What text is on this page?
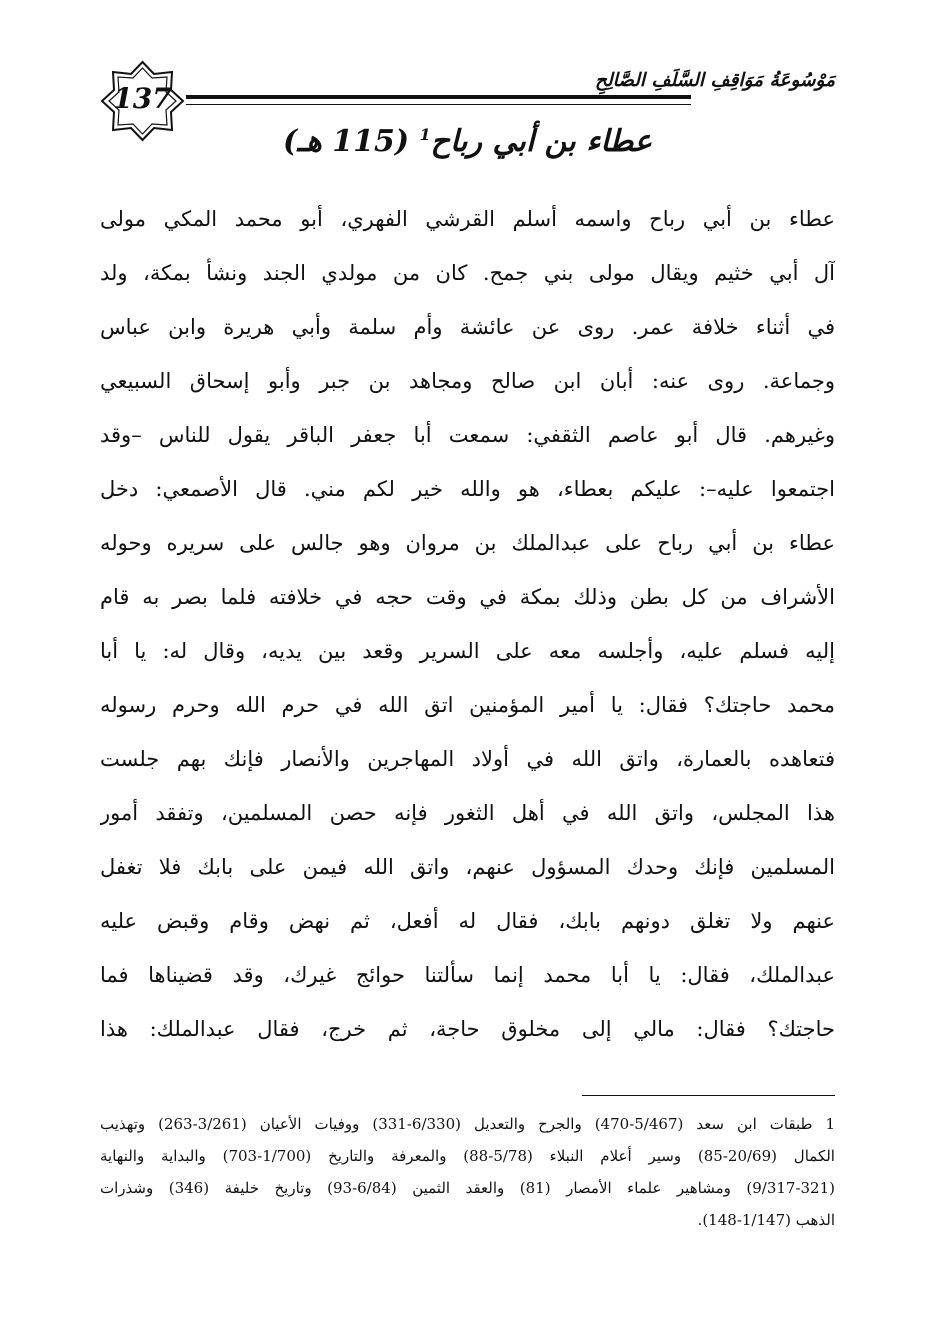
137
مَوْسُوعَةُ مَوَاقِفِ السَّلَفِ الصَّالِحِ
عطاء بن أبي رباح$^1$ (115 هـ)
عطاء بن أبي رباح واسمه أسلم القرشي الفهري، أبو محمد المكي مولى
آل أبي خثيم ويقال مولى بني جمح. كان من مولدي الجند ونشأ بمكة، ولد
في أثناء خلافة عمر. روى عن عائشة وأم سلمة وأبي هريرة وابن عباس
وجماعة. روى عنه: أبان ابن صالح ومجاهد بن جبر وأبو إسحاق السبيعي
وغيرهم. قال أبو عاصم الثقفي: سمعت أبا جعفر الباقر يقول للناس –وقد
اجتمعوا عليه–: عليكم بعطاء، هو والله خير لكم مني. قال الأصمعي: دخل
عطاء بن أبي رباح على عبدالملك بن مروان وهو جالس على سريره وحوله
الأشراف من كل بطن وذلك بمكة في وقت حجه في خلافته فلما بصر به قام
إليه فسلم عليه، وأجلسه معه على السرير وقعد بين يديه، وقال له: يا أبا
محمد حاجتك؟ فقال: يا أمير المؤمنين اتق الله في حرم الله وحرم رسوله
فتعاهده بالعمارة، واتق الله في أولاد المهاجرين والأنصار فإنك بهم جلست
هذا المجلس، واتق الله في أهل الثغور فإنه حصن المسلمين، وتفقد أمور
المسلمين فإنك وحدك المسؤول عنهم، واتق الله فيمن على بابك فلا تغفل
عنهم ولا تغلق دونهم بابك، فقال له أفعل، ثم نهض وقام وقبض عليه
عبدالملك، فقال: يا أبا محمد إنما سألتنا حوائج غيرك، وقد قضيناها فما
حاجتك؟ فقال: مالي إلى مخلوق حاجة، ثم خرج، فقال عبدالملك: هذا
1 طبقات ابن سعد (5/467-470) والجرح والتعديل (6/330-331) ووفيات الأعيان (3/261-263) وتهذيب
الكمال (20/69-85) وسير أعلام النبلاء (5/78-88) والمعرفة والتاريخ (1/700-703) والبداية والنهاية
(9/317-321) ومشاهير علماء الأمصار (81) والعقد الثمين (6/84-93) وتاريخ خليفة (346) وشذرات
الذهب (1/147-148).
